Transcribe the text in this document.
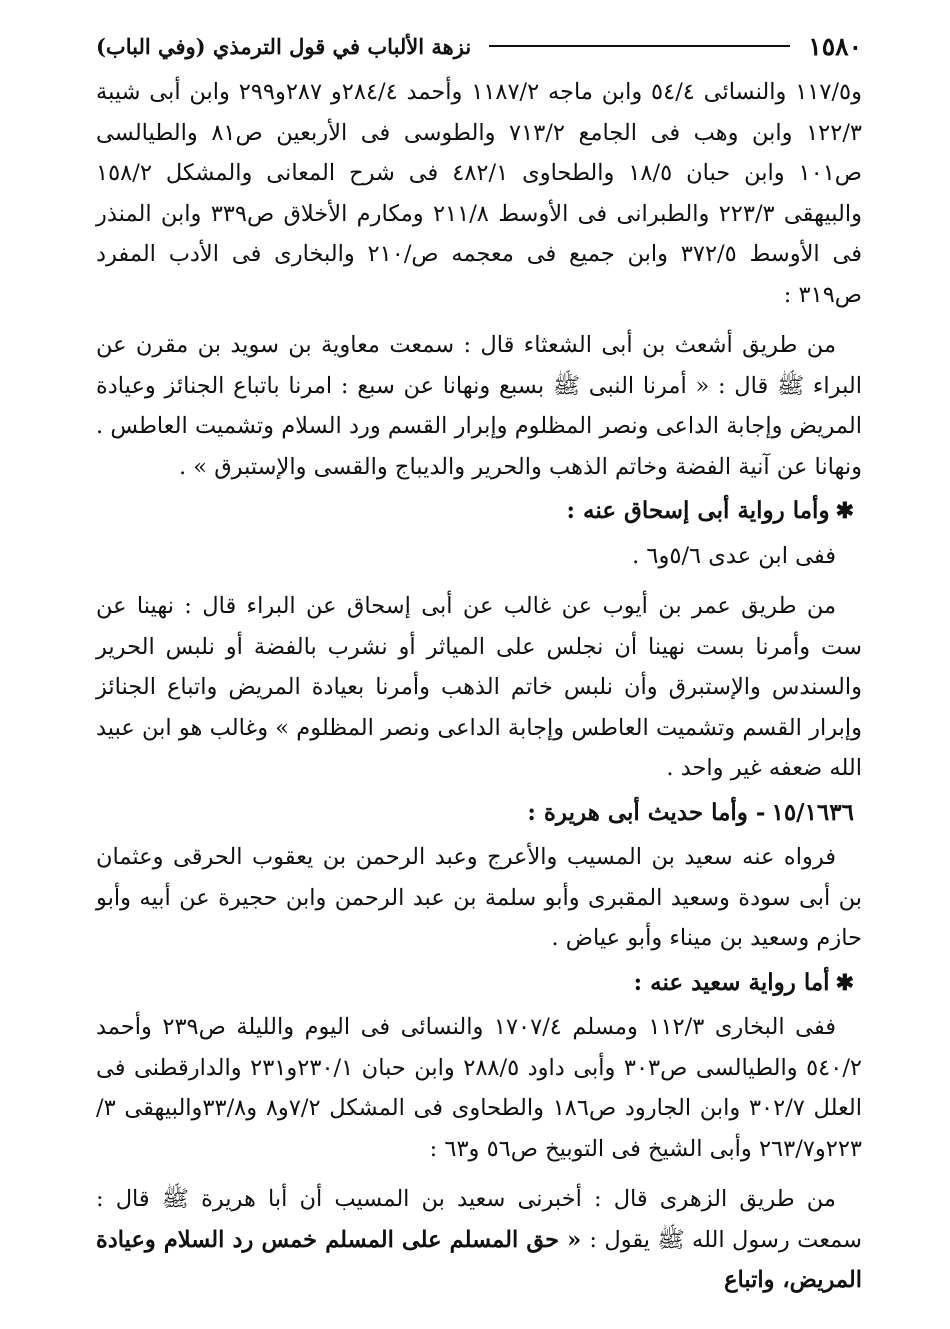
١٥٨٠
نزهة الألباب في قول الترمذي (وفي الباب)

و١١٧/٥ والنسائى ٥٤/٤ وابن ماجه ١١٨٧/٢ وأحمد ٢٨٤/٤و ٢٨٧و٢٩٩ وابن أبى شيبة ١٢٢/٣ وابن وهب فى الجامع ٧١٣/٢ والطوسى فى الأربعين ص٨١ والطيالسى ص١٠١ وابن حبان ١٨/٥ والطحاوى ٤٨٢/١ فى شرح المعانى والمشكل ١٥٨/٢ والبيهقى ٢٢٣/٣ والطبرانى فى الأوسط ٢١١/٨ ومكارم الأخلاق ص٣٣٩ وابن المنذر فى الأوسط ٣٧٢/٥ وابن جميع فى معجمه ص/٢١٠ والبخارى فى الأدب المفرد ص٣١٩ :

من طريق أشعث بن أبى الشعثاء قال : سمعت معاوية بن سويد بن مقرن عن البراء ﷺ قال : « أمرنا النبى ﷺ بسبع ونهانا عن سبع : امرنا باتباع الجنائز وعيادة المريض وإجابة الداعى ونصر المظلوم وإبرار القسم ورد السلام وتشميت العاطس . ونهانا عن آنية الفضة وخاتم الذهب والحرير والديباج والقسى والإستبرق » .

✱وأما رواية أبى إسحاق عنه :

ففى ابن عدى ٥/٦و٦ .

من طريق عمر بن أيوب عن غالب عن أبى إسحاق عن البراء قال : نهينا عن ست وأمرنا بست نهينا أن نجلس على المياثر أو نشرب بالفضة أو نلبس الحرير والسندس والإستبرق وأن نلبس خاتم الذهب وأمرنا بعيادة المريض واتباع الجنائز وإبرار القسم وتشميت العاطس وإجابة الداعى ونصر المظلوم » وغالب هو ابن عبيد الله ضعفه غير واحد .

١٥/١٦٣٦- وأما حديث أبى هريرة :

فرواه عنه سعيد بن المسيب والأعرج وعبد الرحمن بن يعقوب الحرقى وعثمان بن أبى سودة وسعيد المقبرى وأبو سلمة بن عبد الرحمن وابن حجيرة عن أبيه وأبو حازم وسعيد بن ميناء وأبو عياض .

✱أما رواية سعيد عنه :

ففى البخارى ١١٢/٣ ومسلم ١٧٠٧/٤ والنسائى فى اليوم والليلة ص٢٣٩ وأحمد ٥٤٠/٢ والطيالسى ص٣٠٣ وأبى داود ٢٨٨/٥ وابن حبان ٢٣٠/١و٢٣١ والدارقطنى فى العلل ٣٠٢/٧ وابن الجارود ص١٨٦ والطحاوى فى المشكل ٧/٢و٨ و٣٣/٨والبيهقى ٣/ ٢٢٣و٢٦٣/٧ وأبى الشيخ فى التوبيخ ص٥٦ و٦٣ :

من طريق الزهرى قال : أخبرنى سعيد بن المسيب أن أبا هريرة ﷺ قال : سمعت رسول الله ﷺ يقول : « حق المسلم على المسلم خمس رد السلام وعيادة المريض، واتباع
